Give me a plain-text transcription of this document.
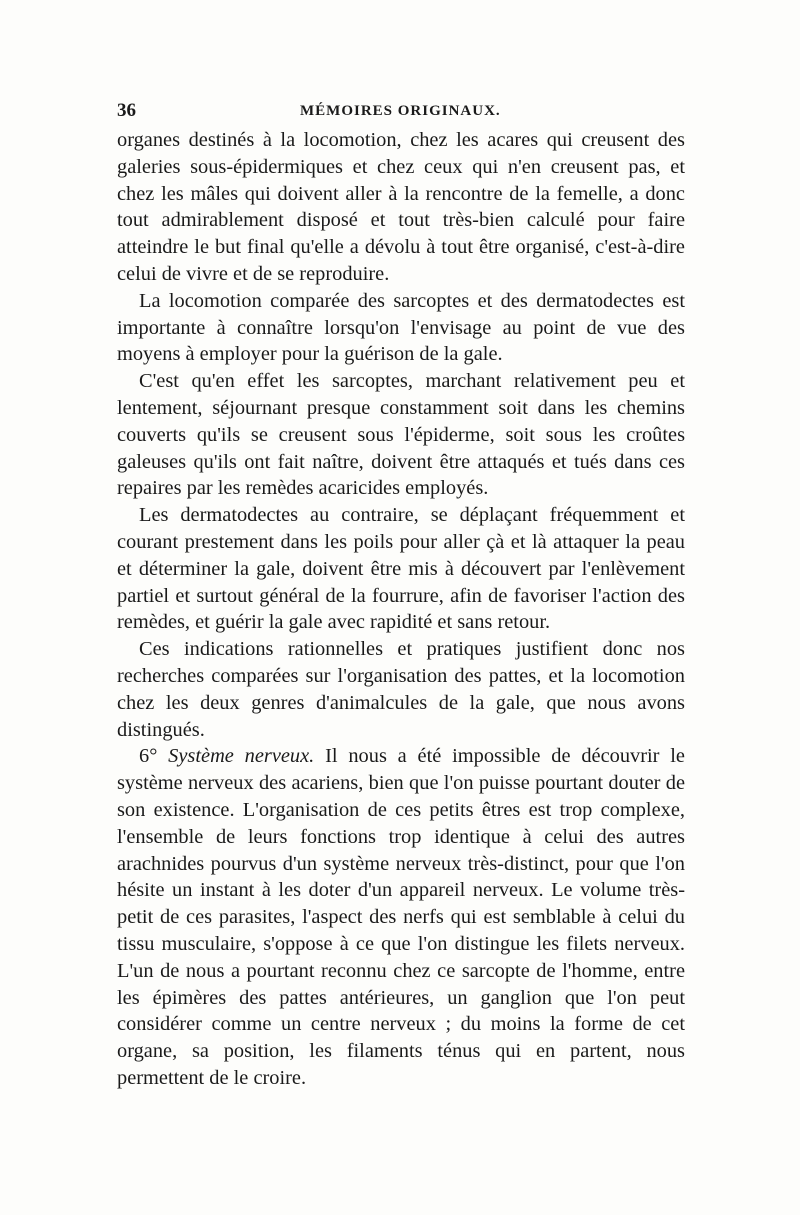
36	MÉMOIRES ORIGINAUX.

organes destinés à la locomotion, chez les acares qui creusent des galeries sous-épidermiques et chez ceux qui n'en creusent pas, et chez les mâles qui doivent aller à la rencontre de la femelle, a donc tout admirablement disposé et tout très-bien calculé pour faire atteindre le but final qu'elle a dévolu à tout être organisé, c'est-à-dire celui de vivre et de se reproduire.

La locomotion comparée des sarcoptes et des dermatodectes est importante à connaître lorsqu'on l'envisage au point de vue des moyens à employer pour la guérison de la gale.

C'est qu'en effet les sarcoptes, marchant relativement peu et lentement, séjournant presque constamment soit dans les chemins couverts qu'ils se creusent sous l'épiderme, soit sous les croûtes galeuses qu'ils ont fait naître, doivent être attaqués et tués dans ces repaires par les remèdes acaricides employés.

Les dermatodectes au contraire, se déplaçant fréquemment et courant prestement dans les poils pour aller çà et là attaquer la peau et déterminer la gale, doivent être mis à découvert par l'enlèvement partiel et surtout général de la fourrure, afin de favoriser l'action des remèdes, et guérir la gale avec rapidité et sans retour.

Ces indications rationnelles et pratiques justifient donc nos recherches comparées sur l'organisation des pattes, et la locomotion chez les deux genres d'animalcules de la gale, que nous avons distingués.

6° Système nerveux. Il nous a été impossible de découvrir le système nerveux des acariens, bien que l'on puisse pourtant douter de son existence. L'organisation de ces petits êtres est trop complexe, l'ensemble de leurs fonctions trop identique à celui des autres arachnides pourvus d'un système nerveux très-distinct, pour que l'on hésite un instant à les doter d'un appareil nerveux. Le volume très-petit de ces parasites, l'aspect des nerfs qui est semblable à celui du tissu musculaire, s'oppose à ce que l'on distingue les filets nerveux. L'un de nous a pourtant reconnu chez ce sarcopte de l'homme, entre les épimères des pattes antérieures, un ganglion que l'on peut considérer comme un centre nerveux ; du moins la forme de cet organe, sa position, les filaments ténus qui en partent, nous permettent de le croire.
